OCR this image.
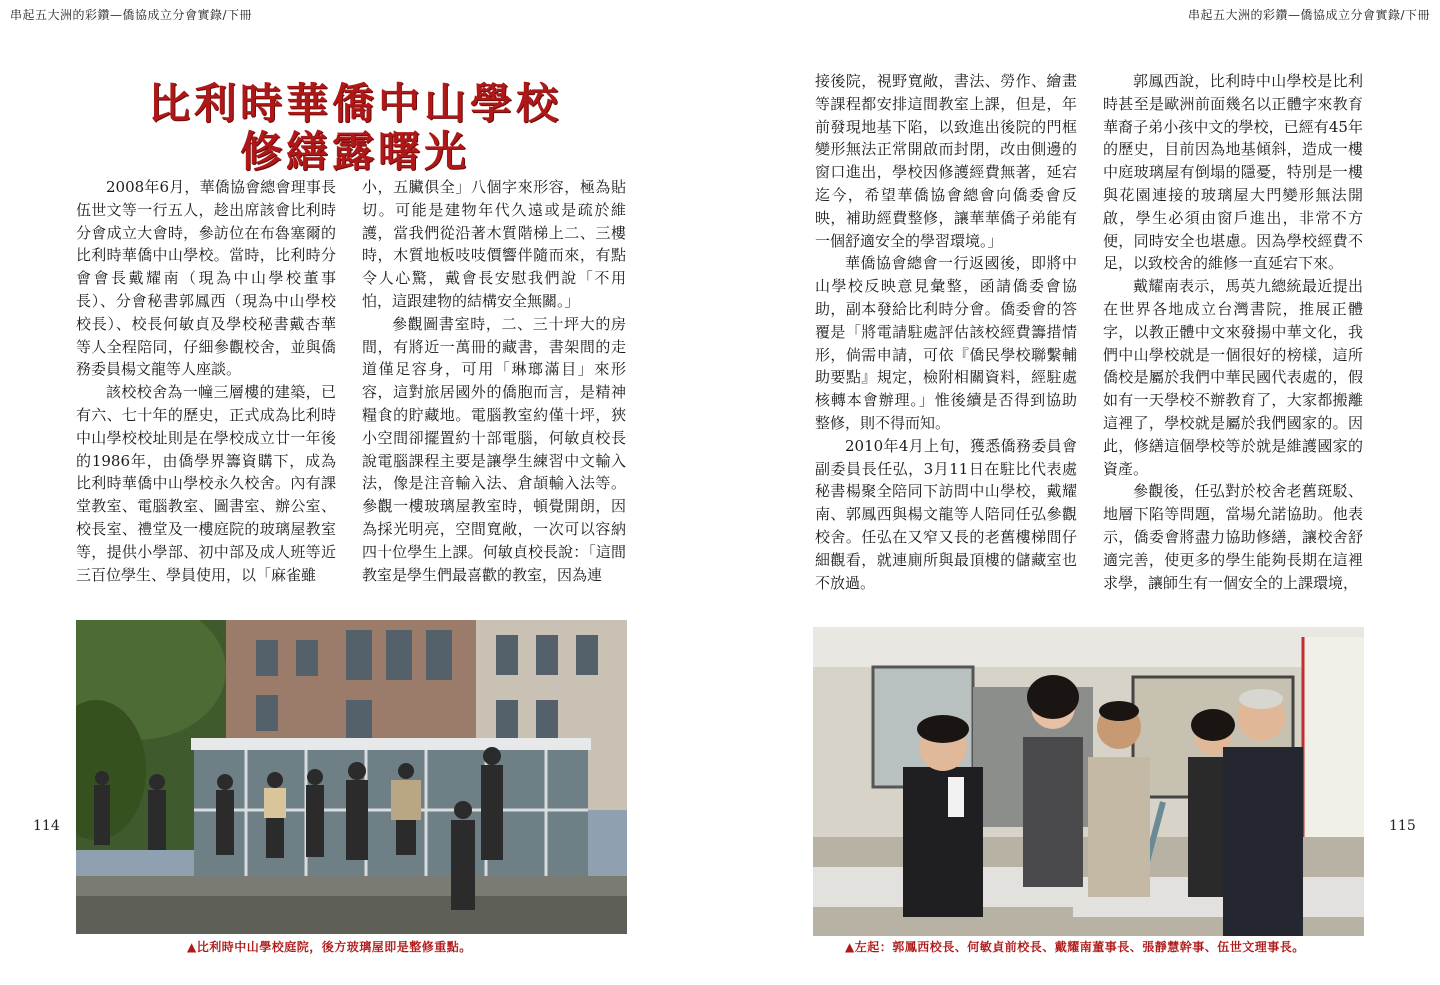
串起五大洲的彩鑽—僑協成立分會實錄/下冊	串起五大洲的彩鑽—僑協成立分會實錄/下冊
比利時華僑中山學校
修繕露曙光

2008年6月，華僑協會總會理事長伍世文等一行五人，趁出席該會比利時分會成立大會時，參訪位在布魯塞爾的比利時華僑中山學校。當時，比利時分會會長戴耀南（現為中山學校董事長）、分會秘書郭鳳西（現為中山學校校長）、校長何敏貞及學校秘書戴杏華等人全程陪同，仔細參觀校舍，並與僑務委員楊文龍等人座談。

該校校舍為一幢三層樓的建築，已有六、七十年的歷史，正式成為比利時中山學校校址則是在學校成立廿一年後的1986年，由僑學界籌資購下，成為比利時華僑中山學校永久校舍。內有課堂教室、電腦教室、圖書室、辦公室、校長室、禮堂及一樓庭院的玻璃屋教室等，提供小學部、初中部及成人班等近三百位學生、學員使用，以「麻雀雖

小，五臟俱全」八個字來形容，極為貼切。可能是建物年代久遠或是疏於維護，當我們從沿著木質階梯上二、三樓時，木質地板吱吱價響伴隨而來，有點令人心驚，戴會長安慰我們說「不用怕，這跟建物的結構安全無關。」

參觀圖書室時，二、三十坪大的房間，有將近一萬冊的藏書，書架間的走道僅足容身，可用「琳瑯滿目」來形容，這對旅居國外的僑胞而言，是精神糧食的貯藏地。電腦教室約僅十坪，狹小空間卻擺置約十部電腦，何敏貞校長說電腦課程主要是讓學生練習中文輸入法，像是注音輸入法、倉頡輸入法等。參觀一樓玻璃屋教室時，頓覺開朗，因為採光明亮，空間寬敞，一次可以容納四十位學生上課。何敏貞校長說：「這間教室是學生們最喜歡的教室，因為連

接後院，視野寬敞，書法、勞作、繪畫等課程都安排這間教室上課，但是，年前發現地基下陷，以致進出後院的門框變形無法正常開啟而封閉，改由側邊的窗口進出，學校因修護經費無著，延宕迄今，希望華僑協會總會向僑委會反映，補助經費整修，讓華華僑子弟能有一個舒適安全的學習環境。」

華僑協會總會一行返國後，即將中山學校反映意見彙整，函請僑委會協助，副本發給比利時分會。僑委會的答覆是「將電請駐處評估該校經費籌措情形，倘需申請，可依『僑民學校聯繫輔助要點』規定，檢附相關資料，經駐處核轉本會辦理。」惟後續是否得到協助整修，則不得而知。

2010年4月上旬，獲悉僑務委員會副委員長任弘，3月11日在駐比代表處秘書楊聚全陪同下訪問中山學校，戴耀南、郭鳳西與楊文龍等人陪同任弘參觀校舍。任弘在又窄又長的老舊樓梯間仔細觀看，就連廁所與最頂樓的儲藏室也不放過。

郭鳳西說，比利時中山學校是比利時甚至是歐洲前面幾名以正體字來教育華裔子弟小孩中文的學校，已經有45年的歷史，目前因為地基傾斜，造成一樓中庭玻璃屋有倒塌的隱憂，特別是一樓與花園連接的玻璃屋大門變形無法開啟，學生必須由窗戶進出，非常不方便，同時安全也堪慮。因為學校經費不足，以致校舍的維修一直延宕下來。

戴耀南表示，馬英九總統最近提出在世界各地成立台灣書院，推展正體字，以教正體中文來發揚中華文化，我們中山學校就是一個很好的榜樣，這所僑校是屬於我們中華民國代表處的，假如有一天學校不辦教育了，大家都搬離這裡了，學校就是屬於我們國家的。因此，修繕這個學校等於就是維護國家的資產。

參觀後，任弘對於校舍老舊斑駁、地層下陷等問題，當場允諾協助。他表示，僑委會將盡力協助修繕，讓校舍舒適完善，使更多的學生能夠長期在這裡求學，讓師生有一個安全的上課環境，

▲比利時中山學校庭院，後方玻璃屋即是整修重點。	▲左起：郭鳳西校長、何敏貞前校長、戴耀南董事長、張靜慧幹事、伍世文理事長。
114	115
